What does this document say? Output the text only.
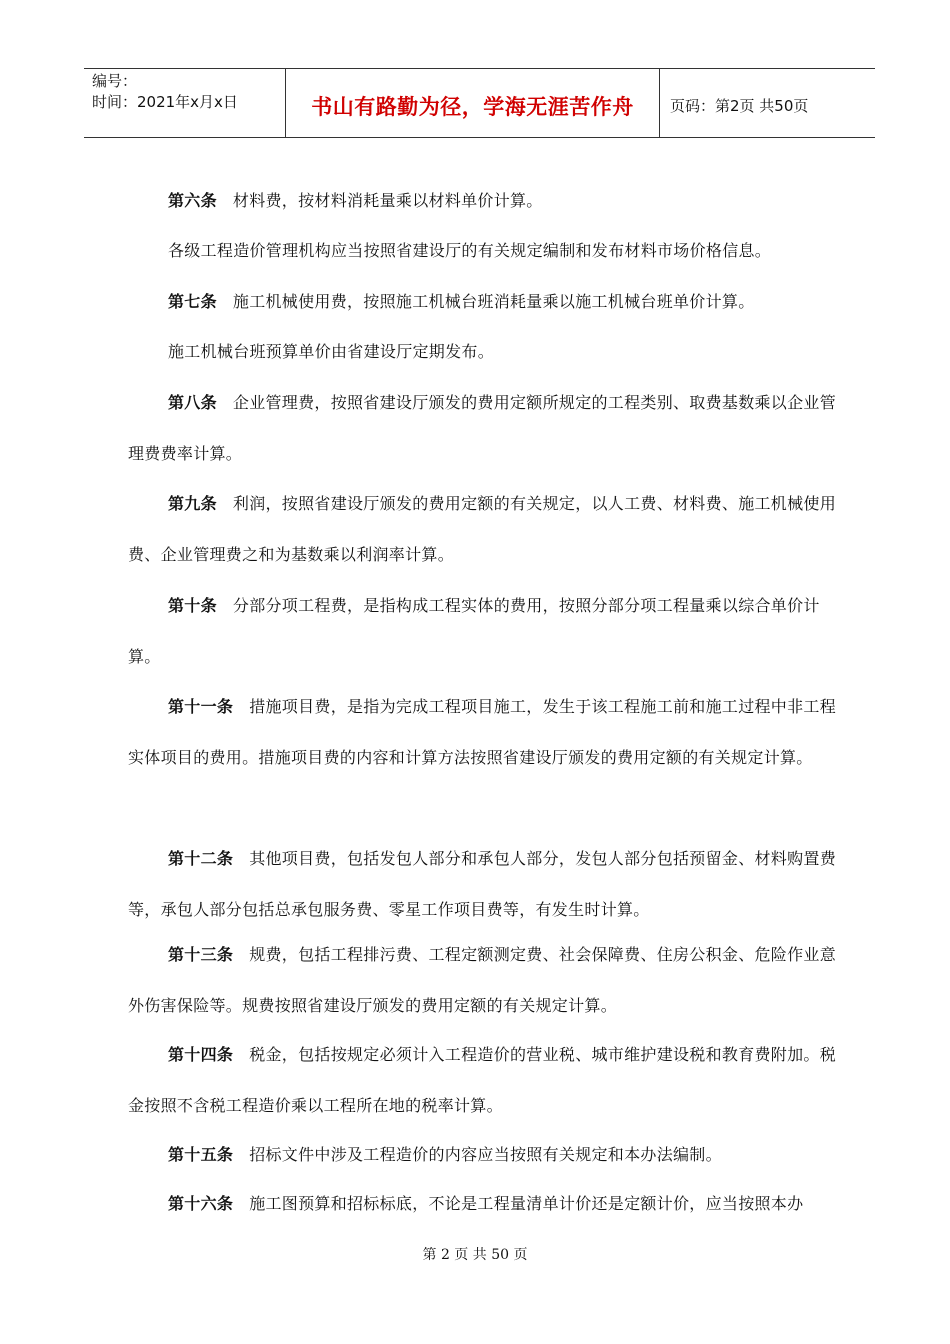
编号：
时间：2021年x月x日	书山有路勤为径，学海无涯苦作舟	页码：第2页 共50页
第六条 材料费，按材料消耗量乘以材料单价计算。
各级工程造价管理机构应当按照省建设厅的有关规定编制和发布材料市场价格信息。
第七条 施工机械使用费，按照施工机械台班消耗量乘以施工机械台班单价计算。
施工机械台班预算单价由省建设厅定期发布。
第八条 企业管理费，按照省建设厅颁发的费用定额所规定的工程类别、取费基数乘以企业管理费费率计算。
第九条 利润，按照省建设厅颁发的费用定额的有关规定，以人工费、材料费、施工机械使用费、企业管理费之和为基数乘以利润率计算。
第十条 分部分项工程费，是指构成工程实体的费用，按照分部分项工程量乘以综合单价计算。
第十一条 措施项目费，是指为完成工程项目施工，发生于该工程施工前和施工过程中非工程实体项目的费用。措施项目费的内容和计算方法按照省建设厅颁发的费用定额的有关规定计算。
第十二条 其他项目费，包括发包人部分和承包人部分，发包人部分包括预留金、材料购置费等，承包人部分包括总承包服务费、零星工作项目费等，有发生时计算。
第十三条 规费，包括工程排污费、工程定额测定费、社会保障费、住房公积金、危险作业意外伤害保险等。规费按照省建设厅颁发的费用定额的有关规定计算。
第十四条 税金，包括按规定必须计入工程造价的营业税、城市维护建设税和教育费附加。税金按照不含税工程造价乘以工程所在地的税率计算。
第十五条 招标文件中涉及工程造价的内容应当按照有关规定和本办法编制。
第十六条 施工图预算和招标标底，不论是工程量清单计价还是定额计价，应当按照本办
第 2 页 共 50 页
